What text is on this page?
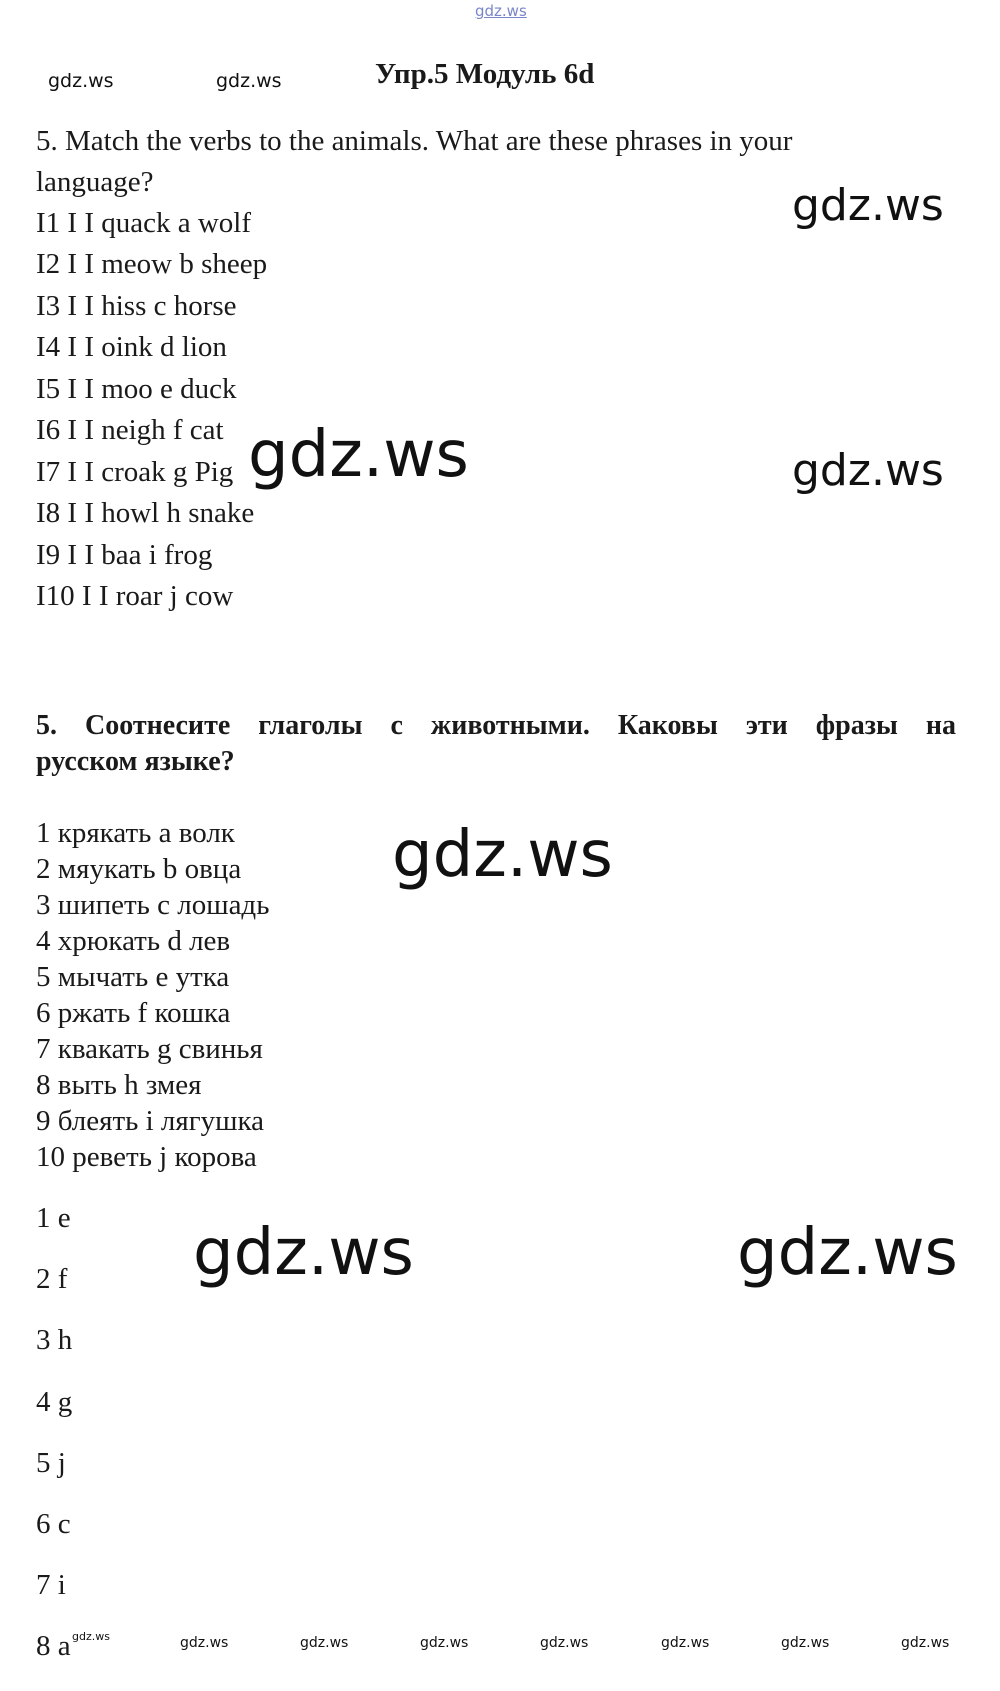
gdz.ws
gdz.ws	gdz.ws	Упр.5 Модуль 6d
5. Match the verbs to the animals. What are these phrases in your
language?	gdz.ws
I1 I I quack a wolf
I2 I I meow b sheep
I3 I I hiss c horse
I4 I I oink d lion
I5 I I moo e duck
I6 I I neigh f cat
I7 I I croak g Pig
I8 I I howl h snake
I9 I I baa i frog
I10 I I roar j cow
gdz.ws	gdz.ws
5. Соотнесите глаголы с животными. Каковы эти фразы на
русском языке?
gdz.ws
1 крякать a волк
2 мяукать b овца
3 шипеть c лошадь
4 хрюкать d лев
5 мычать e утка
6 ржать f кошка
7 квакать g свинья
8 выть h змея
9 блеять i лягушка
10 реветь j корова
1 e
2 f
3 h
4 g
5 j
6 c
7 i
8 a
gdz.ws	gdz.ws
gdz.ws	gdz.ws	gdz.ws	gdz.ws	gdz.ws	gdz.ws	gdz.ws	gdz.ws
